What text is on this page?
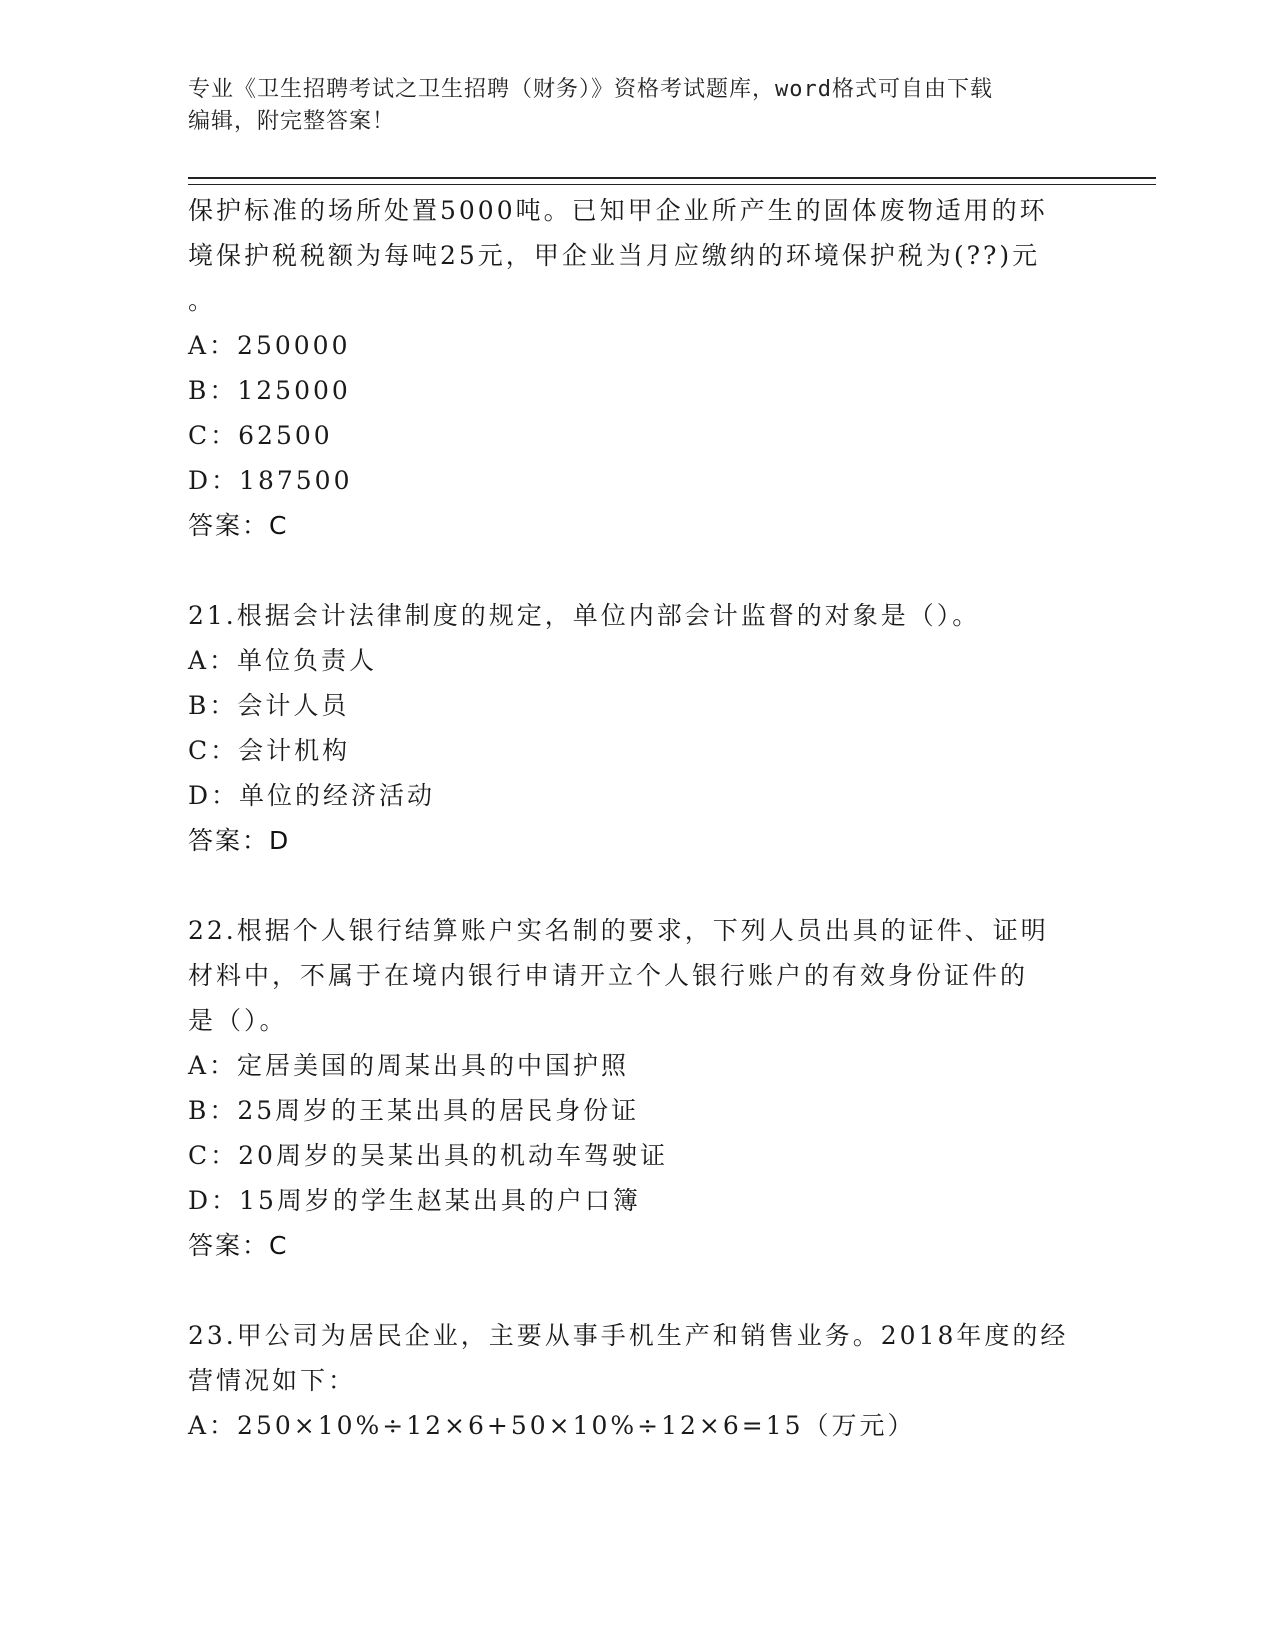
专业《卫生招聘考试之卫生招聘（财务）》资格考试题库，word格式可自由下载
编辑，附完整答案！
保护标准的场所处置5000吨。已知甲企业所产生的固体废物适用的环
境保护税税额为每吨25元，甲企业当月应缴纳的环境保护税为(??)元
。
A：250000
B：125000
C：62500
D：187500
答案：C
21.根据会计法律制度的规定，单位内部会计监督的对象是（）。
A：单位负责人
B：会计人员
C：会计机构
D：单位的经济活动
答案：D
22.根据个人银行结算账户实名制的要求，下列人员出具的证件、证明
材料中，不属于在境内银行申请开立个人银行账户的有效身份证件的
是（）。
A：定居美国的周某出具的中国护照
B：25周岁的王某出具的居民身份证
C：20周岁的吴某出具的机动车驾驶证
D：15周岁的学生赵某出具的户口簿
答案：C
23.甲公司为居民企业，主要从事手机生产和销售业务。2018年度的经
营情况如下：
A：250×10%÷12×6+50×10%÷12×6=15（万元）
